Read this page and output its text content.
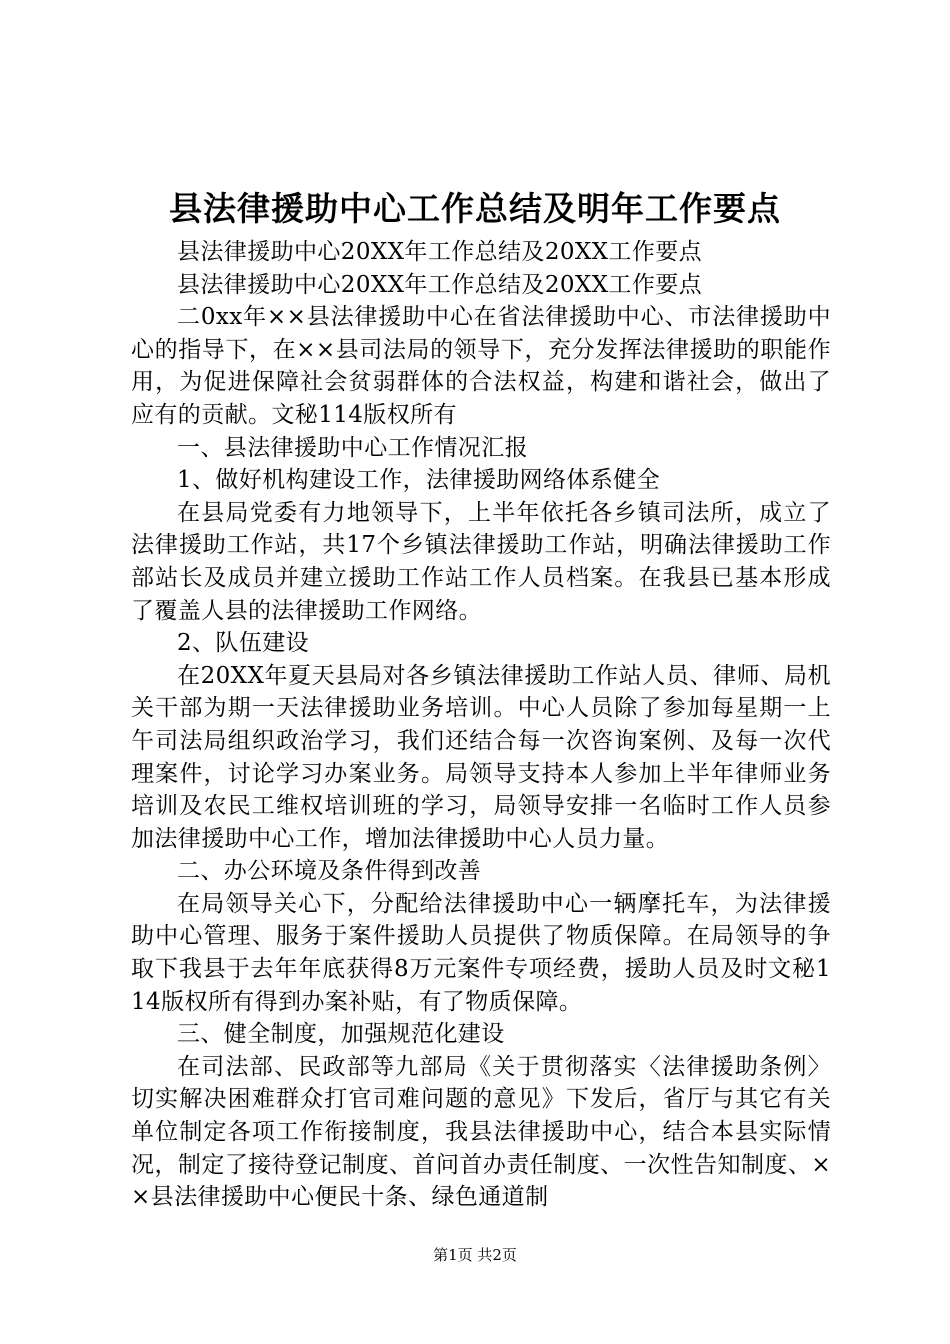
县法律援助中心工作总结及明年工作要点

县法律援助中心20XX年工作总结及20XX工作要点

县法律援助中心20XX年工作总结及20XX工作要点

二0xx年××县法律援助中心在省法律援助中心、市法律援助中心的指导下，在××县司法局的领导下，充分发挥法律援助的职能作用，为促进保障社会贫弱群体的合法权益，构建和谐社会，做出了应有的贡献。文秘114版权所有

一、县法律援助中心工作情况汇报

1、做好机构建设工作，法律援助网络体系健全

在县局党委有力地领导下，上半年依托各乡镇司法所，成立了法律援助工作站，共17个乡镇法律援助工作站，明确法律援助工作部站长及成员并建立援助工作站工作人员档案。在我县已基本形成了覆盖人县的法律援助工作网络。

2、队伍建设

在20XX年夏天县局对各乡镇法律援助工作站人员、律师、局机关干部为期一天法律援助业务培训。中心人员除了参加每星期一上午司法局组织政治学习，我们还结合每一次咨询案例、及每一次代理案件，讨论学习办案业务。局领导支持本人参加上半年律师业务培训及农民工维权培训班的学习，局领导安排一名临时工作人员参加法律援助中心工作，增加法律援助中心人员力量。

二、办公环境及条件得到改善

在局领导关心下，分配给法律援助中心一辆摩托车，为法律援助中心管理、服务于案件援助人员提供了物质保障。在局领导的争取下我县于去年年底获得8万元案件专项经费，援助人员及时文秘114版权所有得到办案补贴，有了物质保障。

三、健全制度，加强规范化建设

在司法部、民政部等九部局《关于贯彻落实〈法律援助条例〉切实解决困难群众打官司难问题的意见》下发后，省厅与其它有关单位制定各项工作衔接制度，我县法律援助中心，结合本县实际情况，制定了接待登记制度、首问首办责任制度、一次性告知制度、××县法律援助中心便民十条、绿色通道制

第1页 共2页
